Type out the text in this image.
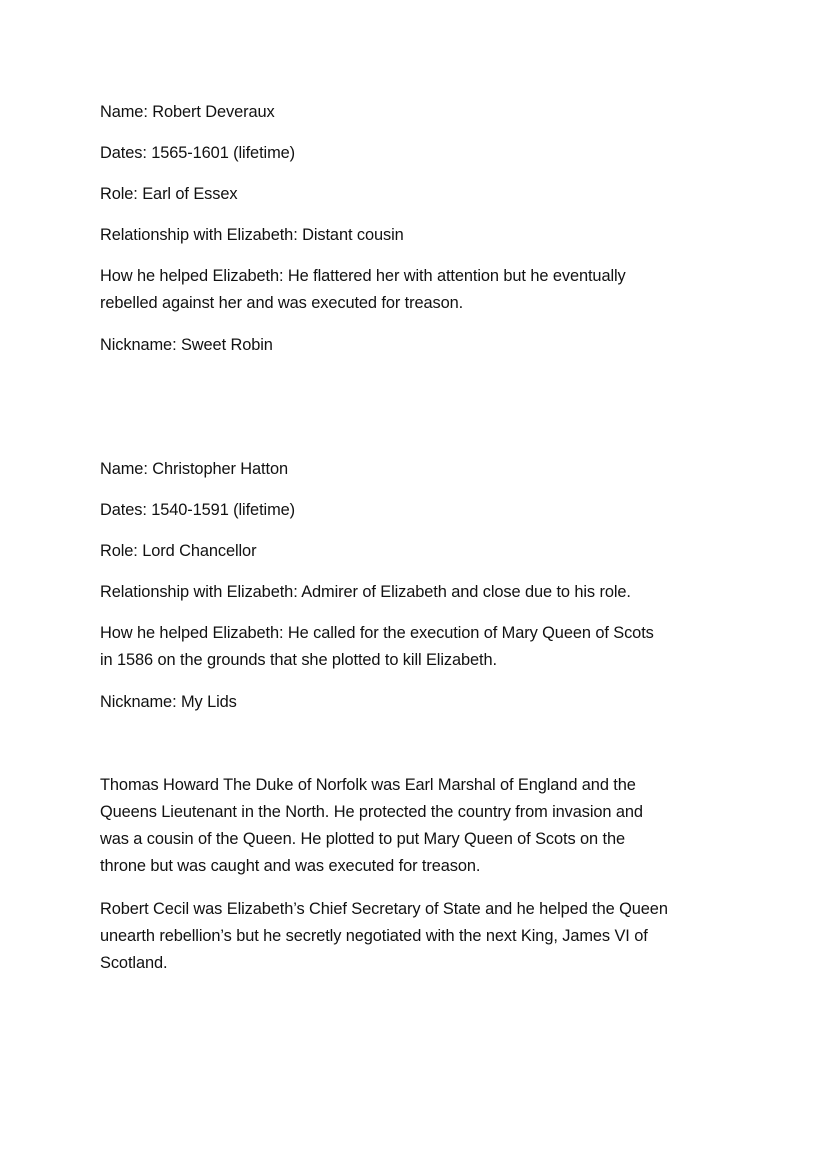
Name: Robert Deveraux
Dates: 1565-1601 (lifetime)
Role: Earl of Essex
Relationship with Elizabeth: Distant cousin
How he helped Elizabeth: He flattered her with attention but he eventually
rebelled against her and was executed for treason.
Nickname: Sweet Robin
Name: Christopher Hatton
Dates: 1540-1591 (lifetime)
Role: Lord Chancellor
Relationship with Elizabeth: Admirer of Elizabeth and close due to his role.
How he helped Elizabeth: He called for the execution of Mary Queen of Scots
in 1586 on the grounds that she plotted to kill Elizabeth.
Nickname: My Lids
Thomas Howard The Duke of Norfolk was Earl Marshal of England and the
Queens Lieutenant in the North. He protected the country from invasion and
was a cousin of the Queen. He plotted to put Mary Queen of Scots on the
throne but was caught and was executed for treason.
Robert Cecil was Elizabeth’s Chief Secretary of State and he helped the Queen
unearth rebellion’s but he secretly negotiated with the next King, James VI of
Scotland.
